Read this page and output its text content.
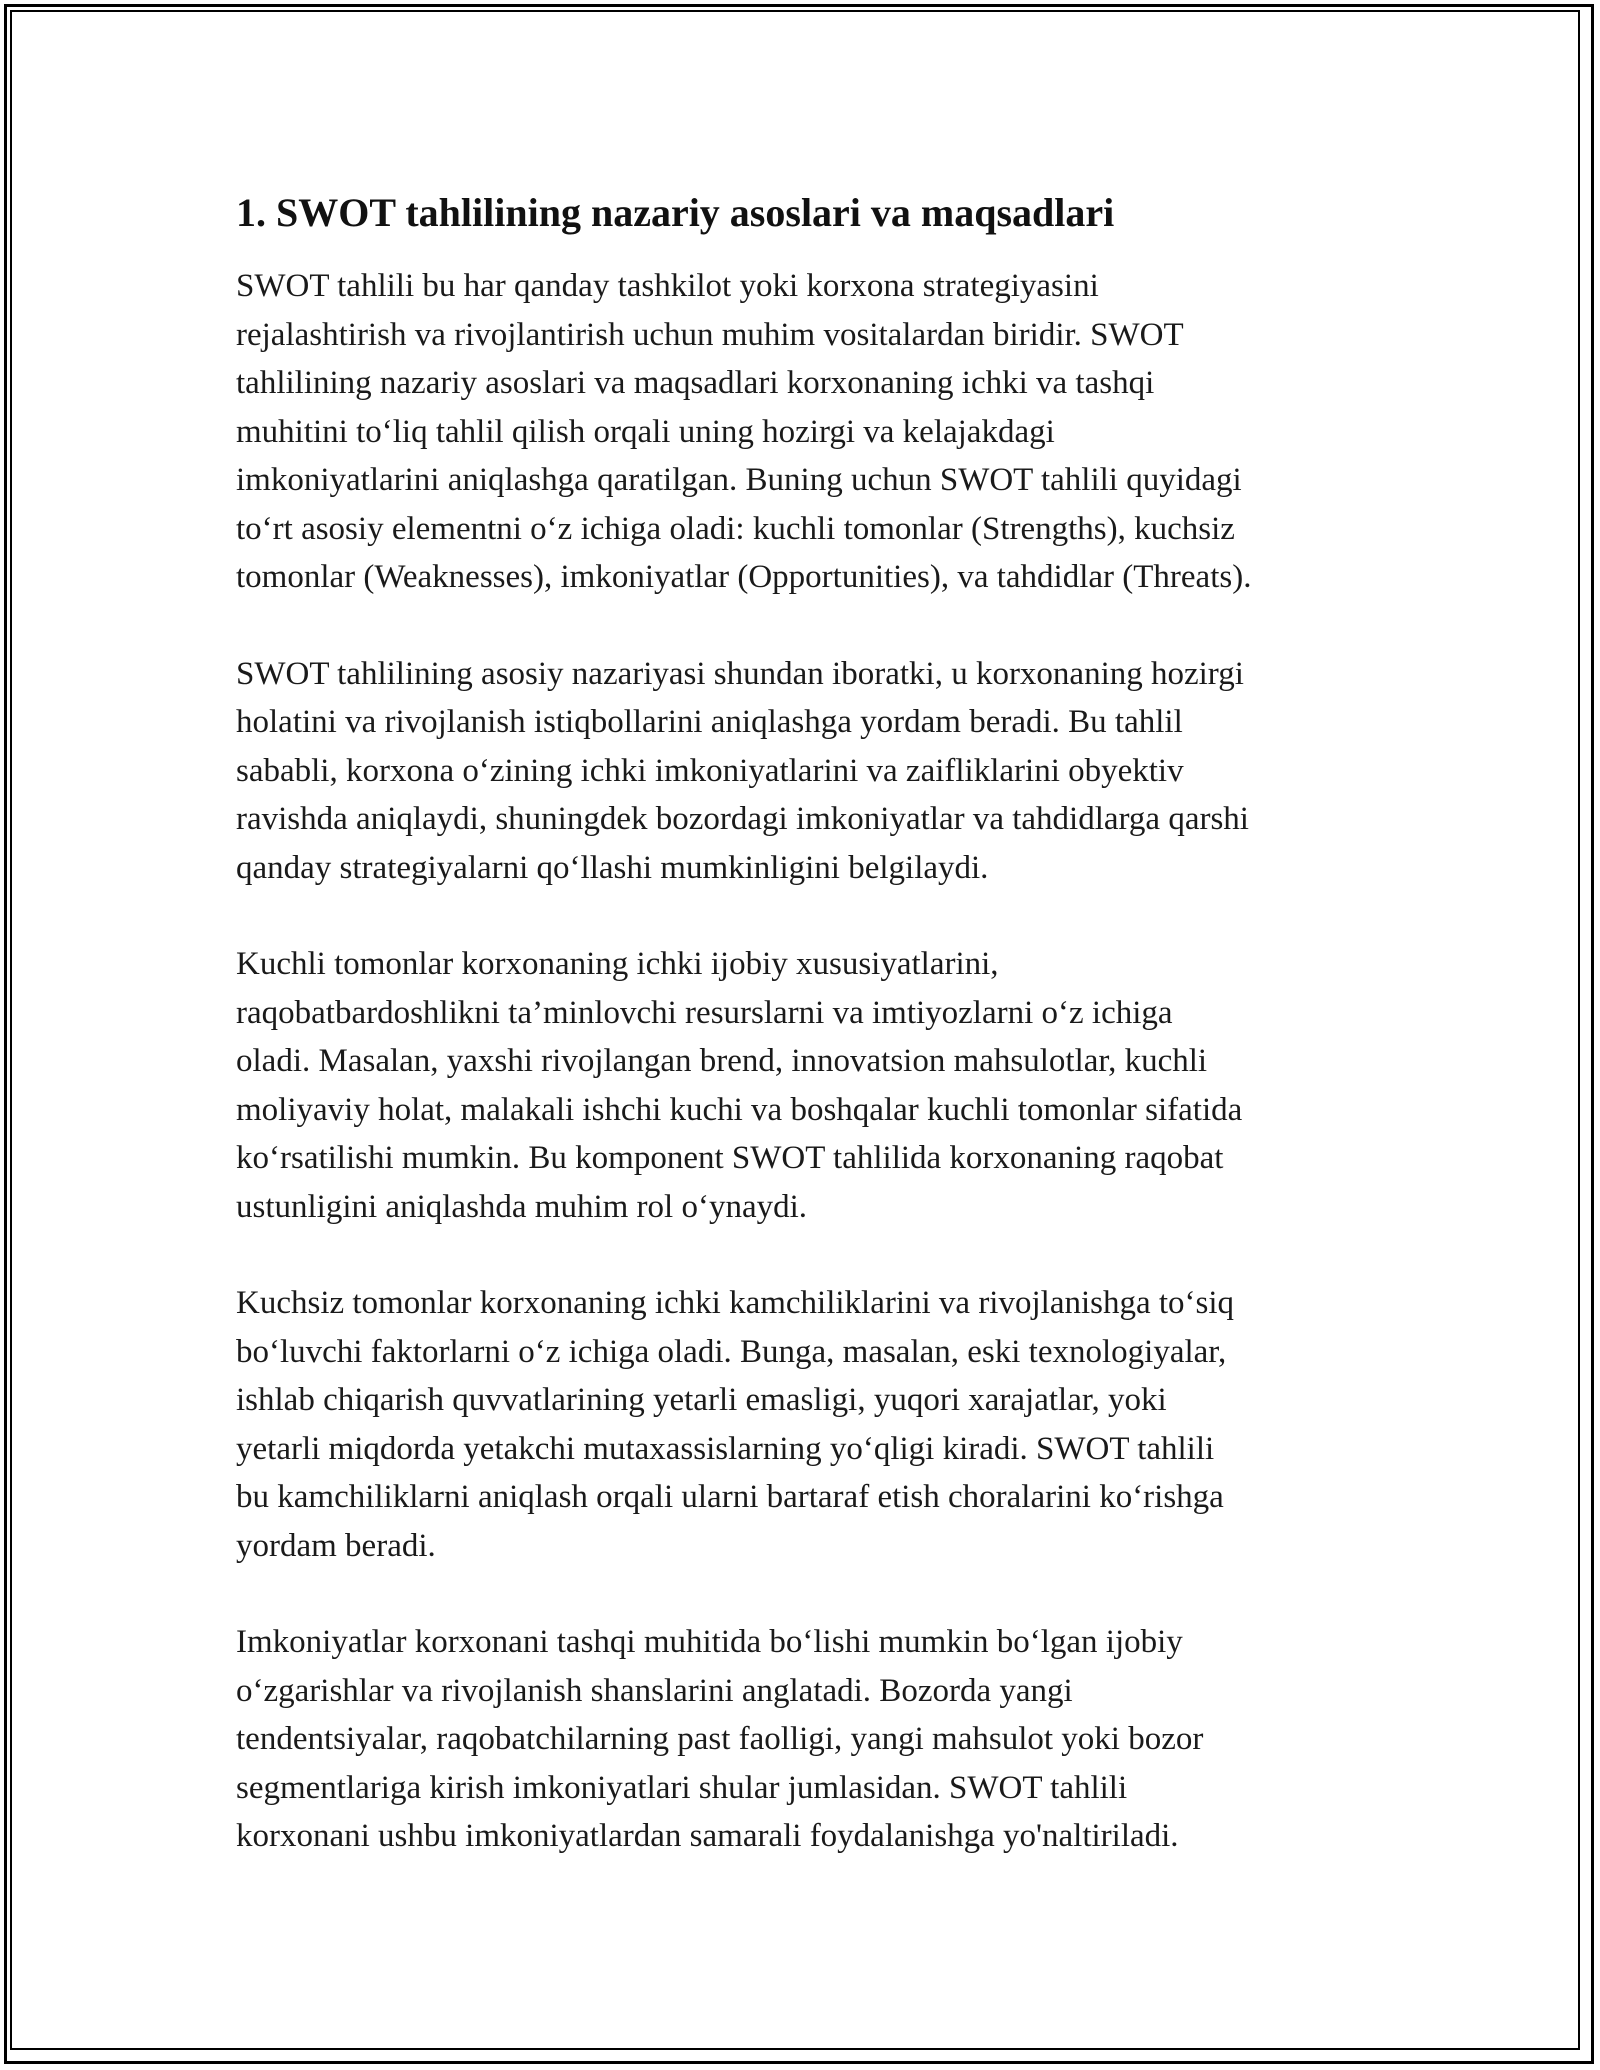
1. SWOT tahlilining nazariy asoslari va maqsadlari
SWOT tahlili bu har qanday tashkilot yoki korxona strategiyasini
rejalashtirish va rivojlantirish uchun muhim vositalardan biridir. SWOT
tahlilining nazariy asoslari va maqsadlari korxonaning ichki va tashqi
muhitini to‘liq tahlil qilish orqali uning hozirgi va kelajakdagi
imkoniyatlarini aniqlashga qaratilgan. Buning uchun SWOT tahlili quyidagi
to‘rt asosiy elementni o‘z ichiga oladi: kuchli tomonlar (Strengths), kuchsiz
tomonlar (Weaknesses), imkoniyatlar (Opportunities), va tahdidlar (Threats).
SWOT tahlilining asosiy nazariyasi shundan iboratki, u korxonaning hozirgi
holatini va rivojlanish istiqbollarini aniqlashga yordam beradi. Bu tahlil
sababli, korxona o‘zining ichki imkoniyatlarini va zaifliklarini obyektiv
ravishda aniqlaydi, shuningdek bozordagi imkoniyatlar va tahdidlarga qarshi
qanday strategiyalarni qo‘llashi mumkinligini belgilaydi.
Kuchli tomonlar korxonaning ichki ijobiy xususiyatlarini,
raqobatbardoshlikni ta’minlovchi resurslarni va imtiyozlarni o‘z ichiga
oladi. Masalan, yaxshi rivojlangan brend, innovatsion mahsulotlar, kuchli
moliyaviy holat, malakali ishchi kuchi va boshqalar kuchli tomonlar sifatida
ko‘rsatilishi mumkin. Bu komponent SWOT tahlilida korxonaning raqobat
ustunligini aniqlashda muhim rol o‘ynaydi.
Kuchsiz tomonlar korxonaning ichki kamchiliklarini va rivojlanishga to‘siq
bo‘luvchi faktorlarni o‘z ichiga oladi. Bunga, masalan, eski texnologiyalar,
ishlab chiqarish quvvatlarining yetarli emasligi, yuqori xarajatlar, yoki
yetarli miqdorda yetakchi mutaxassislarning yo‘qligi kiradi. SWOT tahlili
bu kamchiliklarni aniqlash orqali ularni bartaraf etish choralarini ko‘rishga
yordam beradi.
Imkoniyatlar korxonani tashqi muhitida bo‘lishi mumkin bo‘lgan ijobiy
o‘zgarishlar va rivojlanish shanslarini anglatadi. Bozorda yangi
tendentsiyalar, raqobatchilarning past faolligi, yangi mahsulot yoki bozor
segmentlariga kirish imkoniyatlari shular jumlasidan. SWOT tahlili
korxonani ushbu imkoniyatlardan samarali foydalanishga yo'naltiriladi.
